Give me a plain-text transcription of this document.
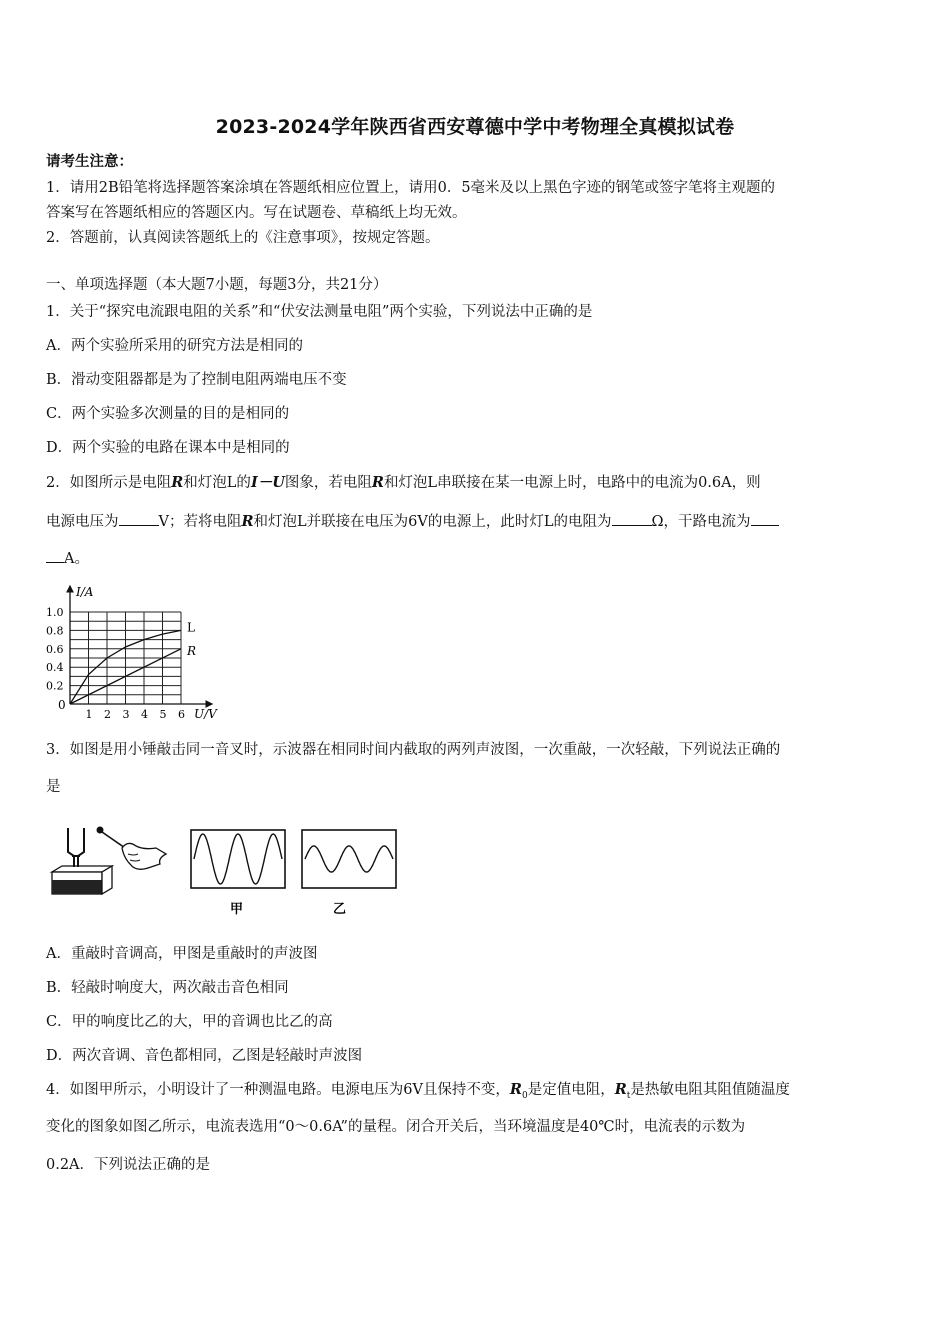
2023-2024学年陕西省西安尊德中学中考物理全真模拟试卷
请考生注意：
1．请用2B铅笔将选择题答案涂填在答题纸相应位置上，请用0．5毫米及以上黑色字迹的钢笔或签字笔将主观题的
答案写在答题纸相应的答题区内。写在试题卷、草稿纸上均无效。
2．答题前，认真阅读答题纸上的《注意事项》，按规定答题。
一、单项选择题（本大题7小题，每题3分，共21分）
1．关于“探究电流跟电阻的关系”和“伏安法测量电阻”两个实验，下列说法中正确的是
A．两个实验所采用的研究方法是相同的
B．滑动变阻器都是为了控制电阻两端电压不变
C．两个实验多次测量的目的是相同的
D．两个实验的电路在课本中是相同的
2．如图所示是电阻R和灯泡L的I－U图象，若电阻R和灯泡L串联接在某一电源上时，电路中的电流为0.6A，则
电源电压为	V；若将电阻R和灯泡L并联接在电压为6V的电源上，此时灯L的电阻为	Ω，干路电流为
A。
I/A
U/V
0
1.0
0.8
0.6
0.4
0.2
1 2 3 4 5 6
L
R
3．如图是用小锤敲击同一音叉时，示波器在相同时间内截取的两列声波图，一次重敲，一次轻敲，下列说法正确的
是
甲	乙
A．重敲时音调高，甲图是重敲时的声波图
B．轻敲时响度大，两次敲击音色相同
C．甲的响度比乙的大，甲的音调也比乙的高
D．两次音调、音色都相同，乙图是轻敲时声波图
4．如图甲所示，小明设计了一种测温电路。电源电压为6V且保持不变，$R_0$是定值电阻，$R_t$是热敏电阻其阻值随温度
变化的图象如图乙所示，电流表选用“0～0.6A”的量程。闭合开关后，当环境温度是40℃时，电流表的示数为
0.2A．下列说法正确的是
